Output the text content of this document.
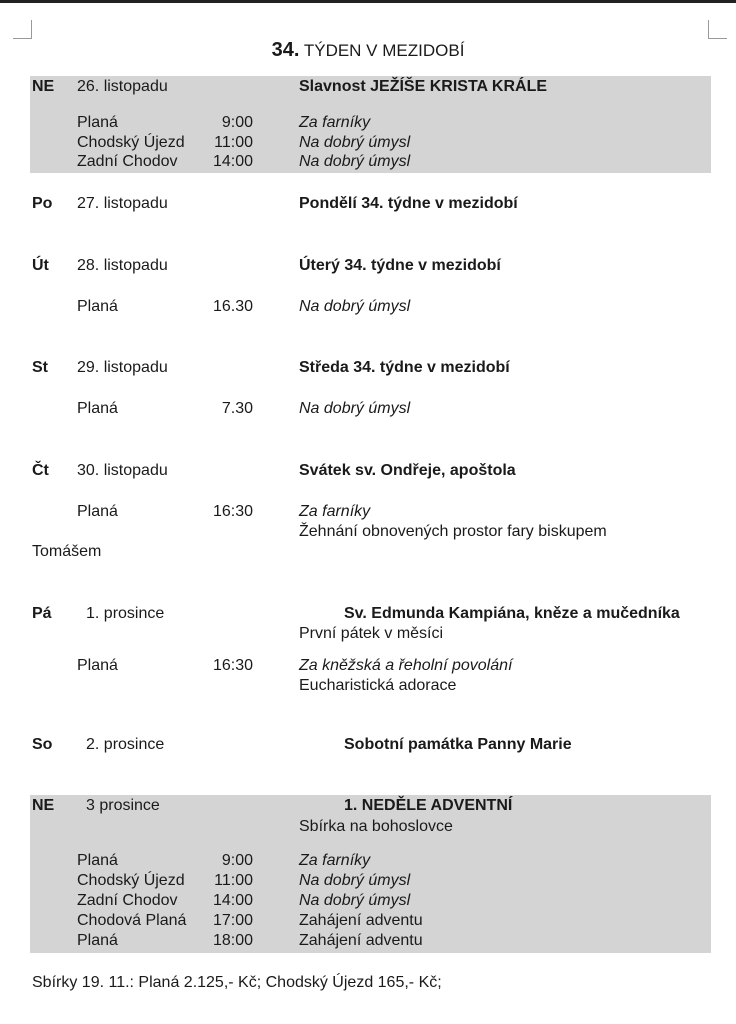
34. TÝDEN V MEZIDOBÍ
NE 26. listopadu	Slavnost JEŽÍŠE KRISTA KRÁLE
Planá	9:00	Za farníky
Chodský Újezd	11:00	Na dobrý úmysl
Zadní Chodov	14:00	Na dobrý úmysl
Po 27. listopadu	Pondělí 34. týdne v mezidobí
Út 28. listopadu	Úterý 34. týdne v mezidobí
Planá	16.30	Na dobrý úmysl
St 29. listopadu	Středa 34. týdne v mezidobí
Planá	7.30	Na dobrý úmysl
Čt 30. listopadu	Svátek sv. Ondřeje, apoštola
Planá	16:30	Za farníky
Žehnání obnovených prostor fary biskupem
Tomášem
Pá 1. prosince	Sv. Edmunda Kampiána, kněze a mučedníka
První pátek v měsíci
Planá	16:30	Za kněžská a řeholní povolání
Eucharistická adorace
So 2. prosince	Sobotní památka Panny Marie
NE 3 prosince	1. NEDĚLE ADVENTNÍ
Sbírka na bohoslovce
Planá	9:00	Za farníky
Chodský Újezd	11:00	Na dobrý úmysl
Zadní Chodov	14:00	Na dobrý úmysl
Chodová Planá	17:00	Zahájení adventu
Planá	18:00	Zahájení adventu
Sbírky 19. 11.: Planá 2.125,- Kč; Chodský Újezd 165,- Kč;
